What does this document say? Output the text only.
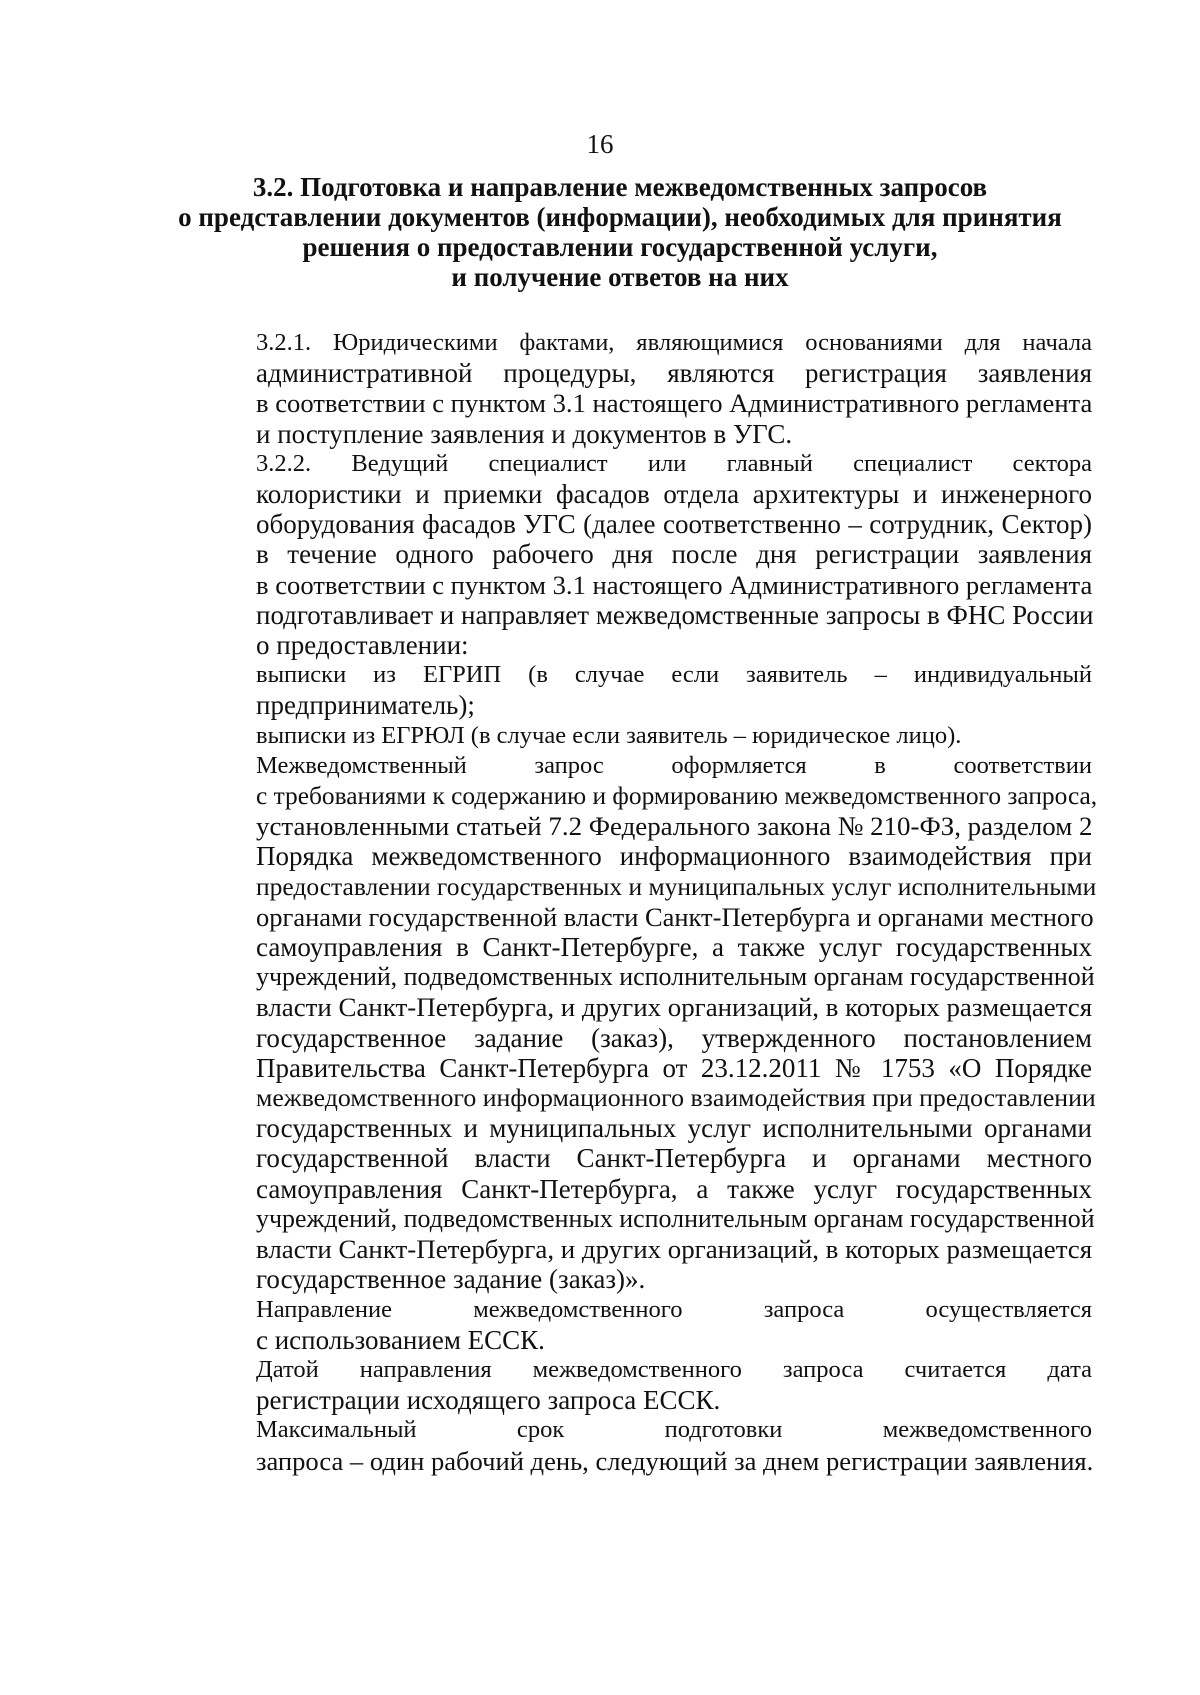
16
3.2. Подготовка и направление межведомственных запросов
о представлении документов (информации), необходимых для принятия
решения о предоставлении государственной услуги,
и получение ответов на них

3.2.1. Юридическими фактами, являющимися основаниями для начала
административной процедуры, являются регистрация заявления
в соответствии с пунктом 3.1 настоящего Административного регламента
и поступление заявления и документов в УГС.

3.2.2. Ведущий специалист или главный специалист сектора
колористики и приемки фасадов отдела архитектуры и инженерного
оборудования фасадов УГС (далее соответственно – сотрудник, Сектор)
в течение одного рабочего дня после дня регистрации заявления
в соответствии с пунктом 3.1 настоящего Административного регламента
подготавливает и направляет межведомственные запросы в ФНС России
о предоставлении:

выписки из ЕГРИП (в случае если заявитель – индивидуальный
предприниматель);

выписки из ЕГРЮЛ (в случае если заявитель – юридическое лицо).

Межведомственный запрос оформляется в соответствии
с требованиями к содержанию и формированию межведомственного запроса,
установленными статьей 7.2 Федерального закона № 210-ФЗ, разделом 2
Порядка межведомственного информационного взаимодействия при
предоставлении государственных и муниципальных услуг исполнительными
органами государственной власти Санкт-Петербурга и органами местного
самоуправления в Санкт-Петербурге, а также услуг государственных
учреждений, подведомственных исполнительным органам государственной
власти Санкт-Петербурга, и других организаций, в которых размещается
государственное задание (заказ), утвержденного постановлением
Правительства Санкт-Петербурга от 23.12.2011 № 1753 «О Порядке
межведомственного информационного взаимодействия при предоставлении
государственных и муниципальных услуг исполнительными органами
государственной власти Санкт-Петербурга и органами местного
самоуправления Санкт-Петербурга, а также услуг государственных
учреждений, подведомственных исполнительным органам государственной
власти Санкт-Петербурга, и других организаций, в которых размещается
государственное задание (заказ)».

Направление межведомственного запроса осуществляется
с использованием ЕССК.

Датой направления межведомственного запроса считается дата
регистрации исходящего запроса ЕССК.

Максимальный срок подготовки межведомственного
запроса – один рабочий день, следующий за днем регистрации заявления.
